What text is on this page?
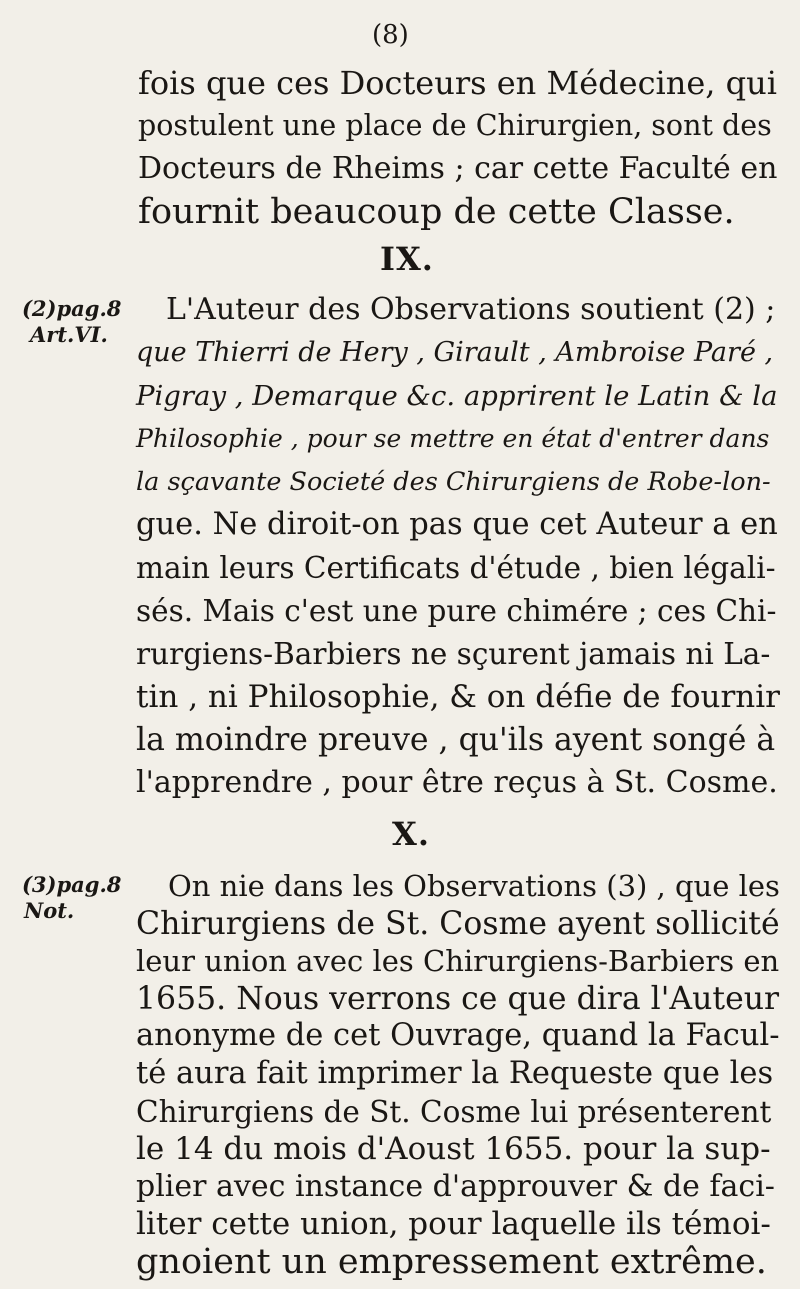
(8)
fois que ces Docteurs en Médecine, qui
postulent une place de Chirurgien, sont des
Docteurs de Rheims ; car cette Faculté en
fournit beaucoup de cette Classe.
IX.
(2)pag.8
Art.VI.
L'Auteur des Observations soutient (2) ;
que Thierri de Hery , Girault , Ambroise Paré ,
Pigray , Demarque &c. apprirent le Latin & la
Philosophie , pour se mettre en état d'entrer dans
la sçavante Societé des Chirurgiens de Robe-lon-
gue. Ne diroit-on pas que cet Auteur a en
main leurs Certificats d'étude , bien légali-
sés. Mais c'est une pure chimére ; ces Chi-
rurgiens-Barbiers ne sçurent jamais ni La-
tin , ni Philosophie, & on défie de fournir
la moindre preuve , qu'ils ayent songé à
l'apprendre , pour être reçus à St. Cosme.
X.
(3)pag.8
Not.
On nie dans les Observations (3) , que les
Chirurgiens de St. Cosme ayent sollicité
leur union avec les Chirurgiens-Barbiers en
1655. Nous verrons ce que dira l'Auteur
anonyme de cet Ouvrage, quand la Facul-
té aura fait imprimer la Requeste que les
Chirurgiens de St. Cosme lui présenterent
le 14 du mois d'Aoust 1655. pour la sup-
plier avec instance d'approuver & de faci-
liter cette union, pour laquelle ils témoi-
gnoient un empressement extrême.
